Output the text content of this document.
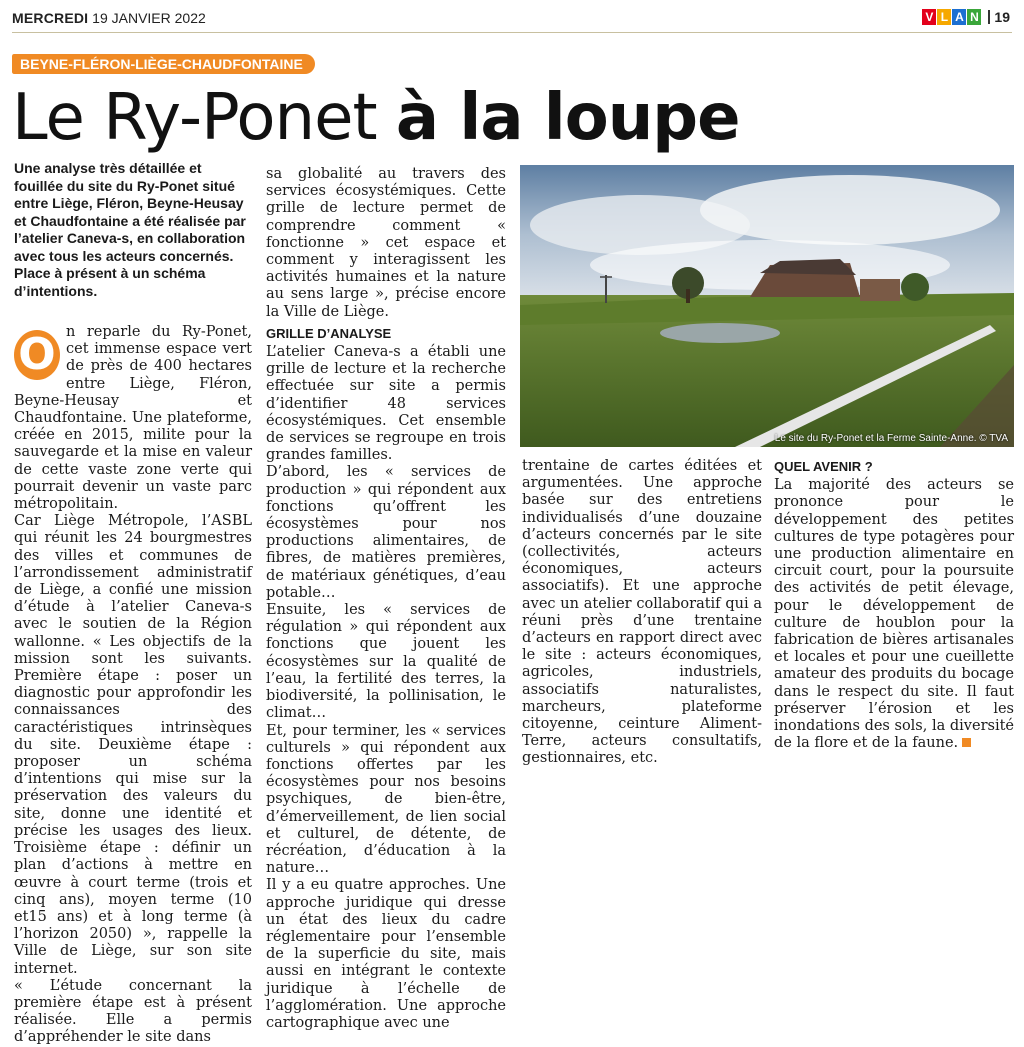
MERCREDI 19 JANVIER 2022	V L A N	19
BEYNE-FLÉRON-LIÈGE-CHAUDFONTAINE
Le Ry-Ponet à la loupe
Une analyse très détaillée et fouillée du site du Ry-Ponet situé entre Liège, Fléron, Beyne-Heusay et Chaudfontaine a été réalisée par l’atelier Caneva-s, en collaboration avec tous les acteurs concernés. Place à présent à un schéma d’intentions.

O n reparle du Ry-Ponet, cet immense espace vert de près de 400 hectares entre Liège, Fléron, Beyne-Heusay et Chaudfontaine. Une plateforme, créée en 2015, milite pour la sauvegarde et la mise en valeur de cette vaste zone verte qui pourrait devenir un vaste parc métropolitain.

Car Liège Métropole, l’ASBL qui réunit les 24 bourgmestres des villes et communes de l’arrondissement administratif de Liège, a confié une mission d’étude à l’atelier Caneva-s avec le soutien de la Région wallonne. « Les objectifs de la mission sont les suivants. Première étape : poser un diagnostic pour approfondir les connaissances des caractéristiques intrinsèques du site. Deuxième étape : proposer un schéma d’intentions qui mise sur la préservation des valeurs du site, donne une identité et précise les usages des lieux. Troisième étape : définir un plan d’actions à mettre en œuvre à court terme (trois et cinq ans), moyen terme (10 et15 ans) et à long terme (à l’horizon 2050) », rappelle la Ville de Liège, sur son site internet.

« L’étude concernant la première étape est à présent réalisée. Elle a permis d’appréhender le site dans

sa globalité au travers des services écosystémiques. Cette grille de lecture permet de comprendre comment « fonctionne » cet espace et comment y interagissent les activités humaines et la nature au sens large », précise encore la Ville de Liège.

GRILLE D’ANALYSE

L’atelier Caneva-s a établi une grille de lecture et la recherche effectuée sur site a permis d’identifier 48 services écosystémiques. Cet ensemble de services se regroupe en trois grandes familles.

D’abord, les « services de production » qui répondent aux fonctions qu’offrent les écosystèmes pour nos productions alimentaires, de fibres, de matières premières, de matériaux génétiques, d’eau potable…

Ensuite, les « services de régulation » qui répondent aux fonctions que jouent les écosystèmes sur la qualité de l’eau, la fertilité des terres, la biodiversité, la pollinisation, le climat…

Et, pour terminer, les « services culturels » qui répondent aux fonctions offertes par les écosystèmes pour nos besoins psychiques, de bien-être, d’émerveillement, de lien social et culturel, de détente, de récréation, d’éducation à la nature…

Il y a eu quatre approches. Une approche juridique qui dresse un état des lieux du cadre réglementaire pour l’ensemble de la superficie du site, mais aussi en intégrant le contexte juridique à l’échelle de l’agglomération. Une approche cartographique avec une

Le site du Ry-Ponet et la Ferme Sainte-Anne. © TVA

trentaine de cartes éditées et argumentées. Une approche basée sur des entretiens individualisés d’une douzaine d’acteurs concernés par le site (collectivités, acteurs économiques, acteurs associatifs). Et une approche avec un atelier collaboratif qui a réuni près d’une trentaine d’acteurs en rapport direct avec le site : acteurs économiques, agricoles, industriels, associatifs naturalistes, marcheurs, plateforme citoyenne, ceinture Aliment-Terre, acteurs consultatifs, gestionnaires, etc.

QUEL AVENIR ?

La majorité des acteurs se prononce pour le développement des petites cultures de type potagères pour une production alimentaire en circuit court, pour la poursuite des activités de petit élevage, pour le développement de culture de houblon pour la fabrication de bières artisanales et locales et pour une cueillette amateur des produits du bocage dans le respect du site. Il faut préserver l’érosion et les inondations des sols, la diversité de la flore et de la faune.
